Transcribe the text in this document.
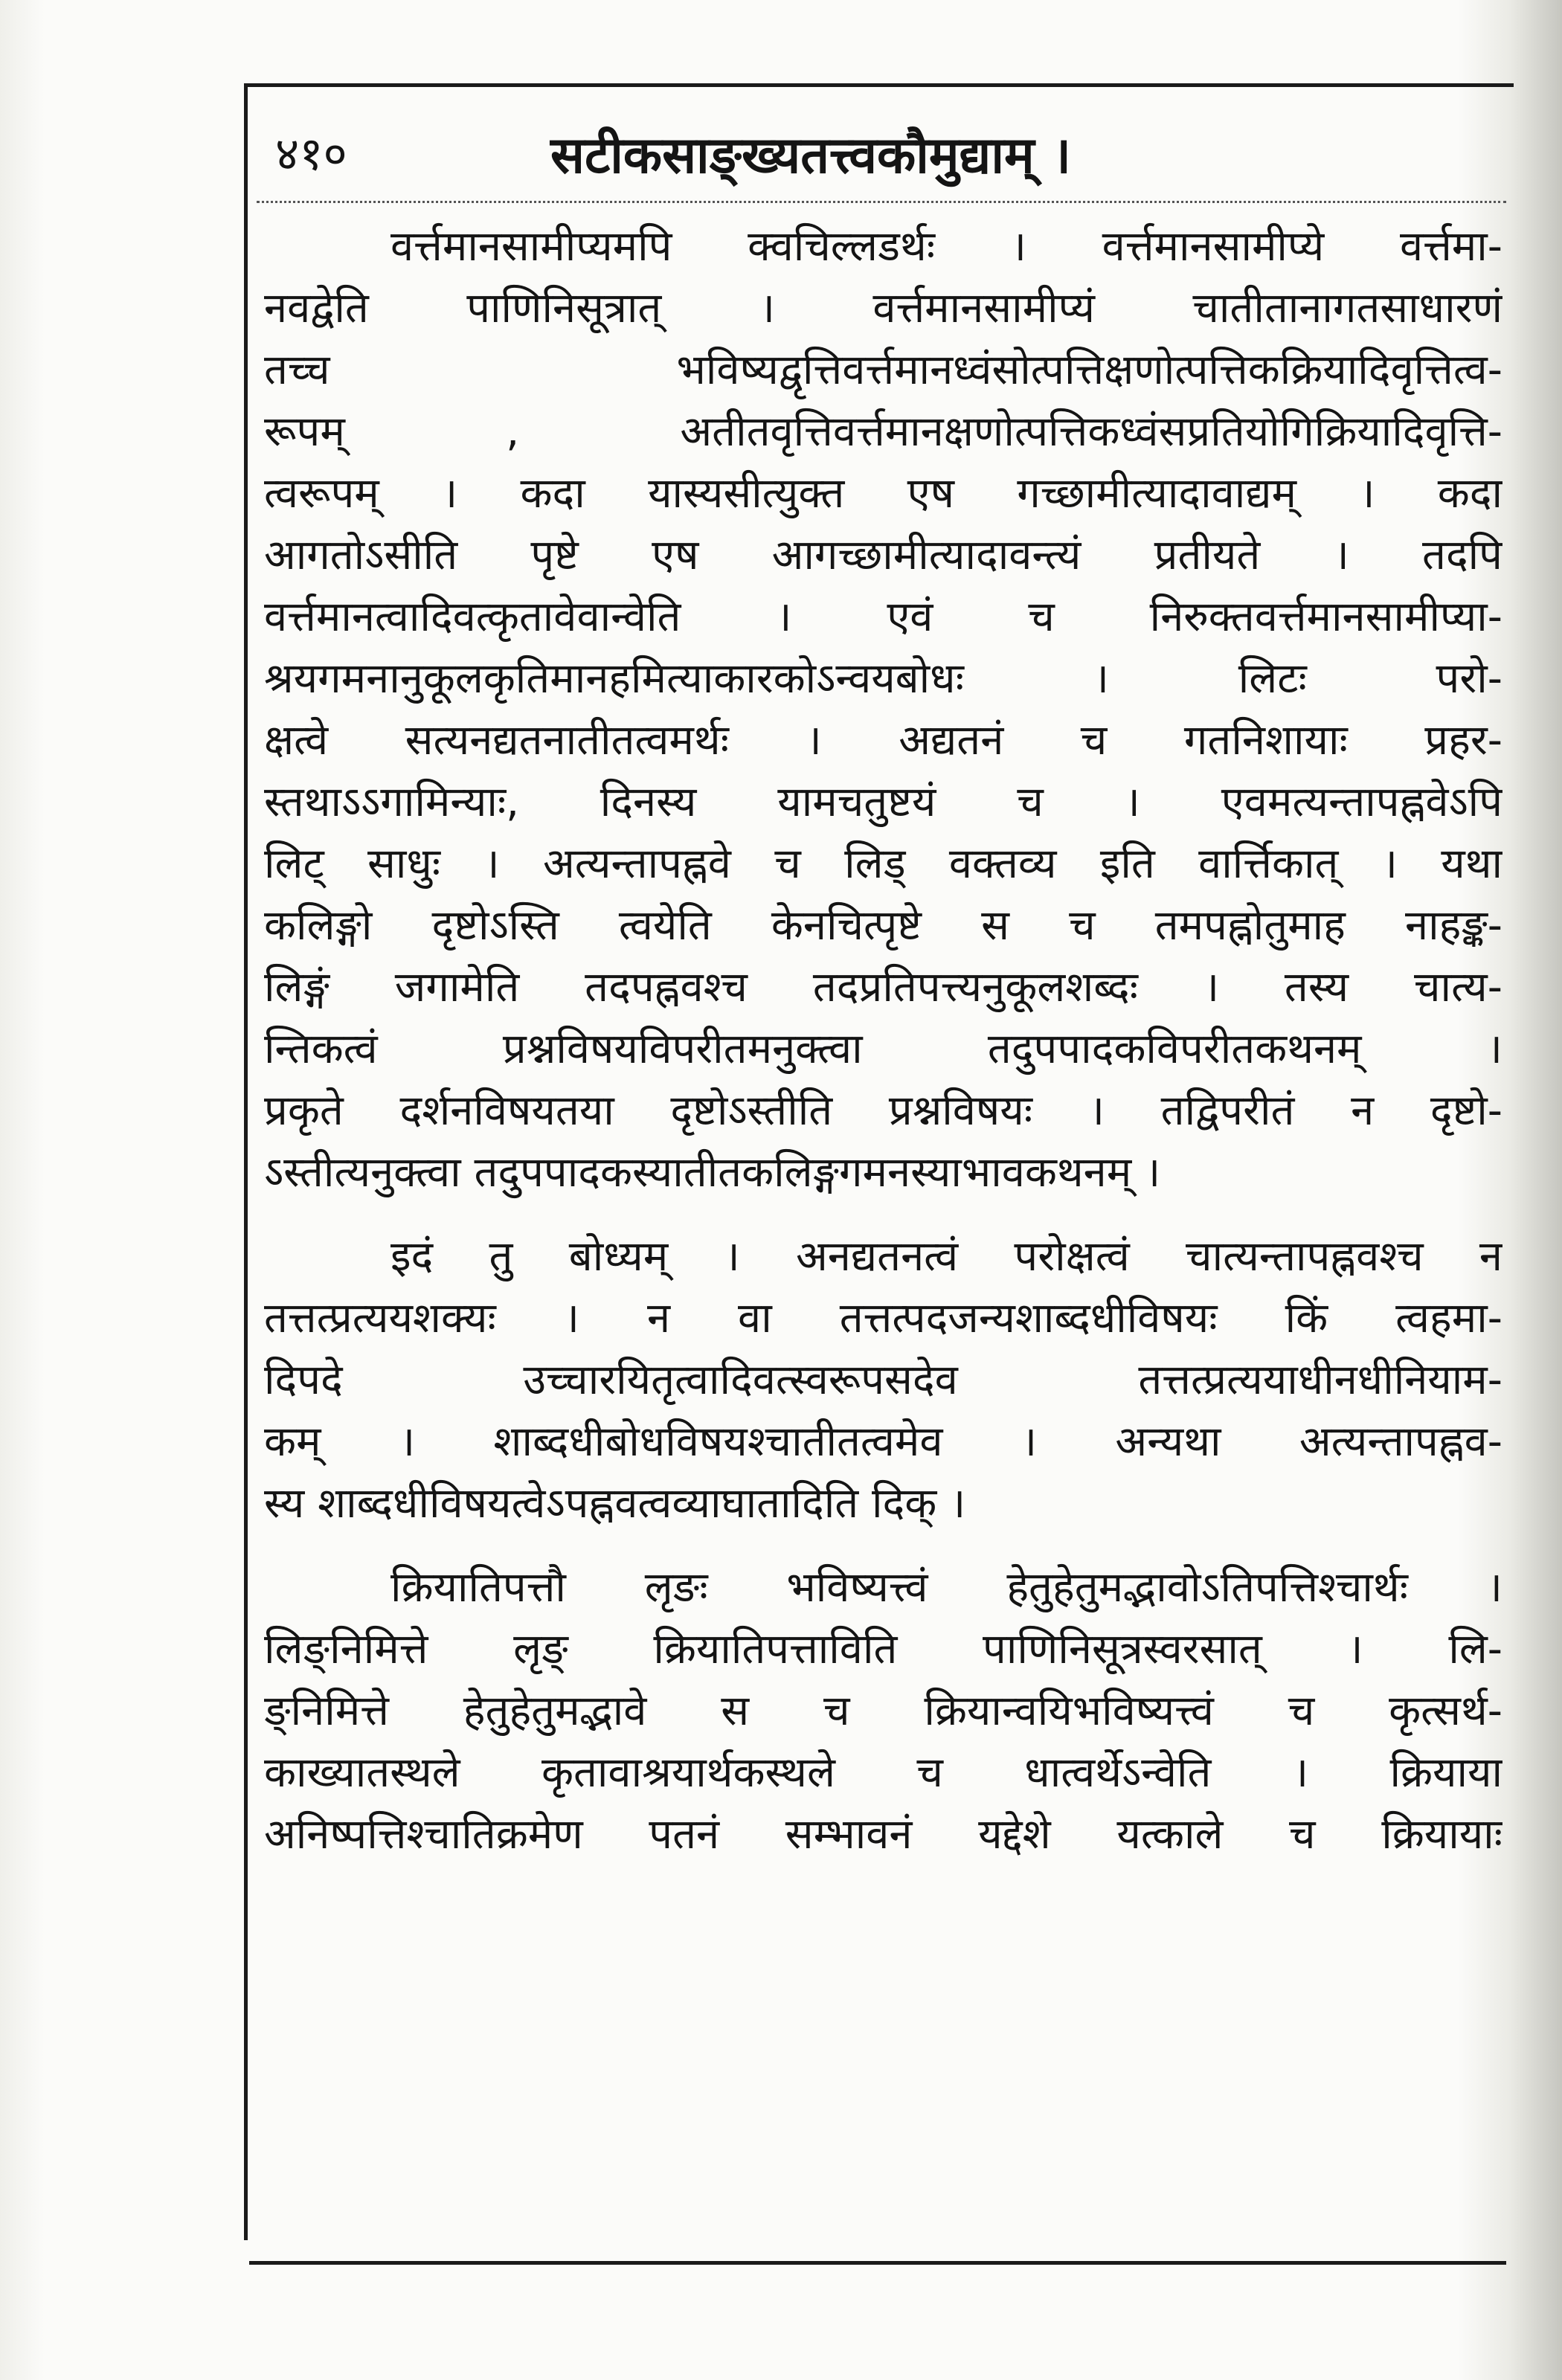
४१०	सटीकसाङ्ख्यतत्त्वकौमुद्याम् ।
वर्त्तमानसामीप्यमपि क्वचिल्लडर्थः । वर्त्तमानसामीप्ये वर्त्तमा-
नवद्वेति पाणिनिसूत्रात् । वर्त्तमानसामीप्यं चातीतानागतसाधारणं
तच्च भविष्यद्वृत्तिवर्त्तमानध्वंसोत्पत्तिक्षणोत्पत्तिकक्रियादिवृत्तित्व-
रूपम् , अतीतवृत्तिवर्त्तमानक्षणोत्पत्तिकध्वंसप्रतियोगिक्रियादिवृत्ति-
त्वरूपम् । कदा यास्यसीत्युक्त एष गच्छामीत्यादावाद्यम् । कदा
आगतोऽसीति पृष्टे एष आगच्छामीत्यादावन्त्यं प्रतीयते । तदपि
वर्त्तमानत्वादिवत्कृतावेवान्वेति । एवं च निरुक्तवर्त्तमानसामीप्या-
श्रयगमनानुकूलकृतिमानहमित्याकारकोऽन्वयबोधः । लिटः परो-
क्षत्वे सत्यनद्यतनातीतत्वमर्थः । अद्यतनं च गतनिशायाः प्रहर-
स्तथाऽऽगामिन्याः, दिनस्य यामचतुष्टयं च । एवमत्यन्तापह्नवेऽपि
लिट् साधुः । अत्यन्तापह्नवे च लिड् वक्तव्य इति वार्त्तिकात् । यथा
कलिङ्गो दृष्टोऽस्ति त्वयेति केनचित्पृष्टे स च तमपह्नोतुमाह नाहङ्क-
लिङ्गं जगामेति तदपह्नवश्च तदप्रतिपत्त्यनुकूलशब्दः । तस्य चात्य-
न्तिकत्वं प्रश्नविषयविपरीतमनुक्त्वा तदुपपादकविपरीतकथनम् ।
प्रकृते दर्शनविषयतया दृष्टोऽस्तीति प्रश्नविषयः । तद्विपरीतं न दृष्टो-
ऽस्तीत्यनुक्त्वा तदुपपादकस्यातीतकलिङ्गगमनस्याभावकथनम् ।
इदं तु बोध्यम् । अनद्यतनत्वं परोक्षत्वं चात्यन्तापह्नवश्च न
तत्तत्प्रत्ययशक्यः । न वा तत्तत्पदजन्यशाब्दधीविषयः किं त्वहमा-
दिपदे उच्चारयितृत्वादिवत्स्वरूपसदेव तत्तत्प्रत्ययाधीनधीनियाम-
कम् । शाब्दधीबोधविषयश्चातीतत्वमेव । अन्यथा अत्यन्तापह्नव-
स्य शाब्दधीविषयत्वेऽपह्नवत्वव्याघातादिति दिक् ।
क्रियातिपत्तौ लृङः भविष्यत्त्वं हेतुहेतुमद्भावोऽतिपत्तिश्चार्थः ।
लिङ्निमित्ते लृङ् क्रियातिपत्ताविति पाणिनिसूत्रस्वरसात् । लि-
ङ्निमित्ते हेतुहेतुमद्भावे स च क्रियान्वयिभविष्यत्त्वं च कृत्सर्थ-
काख्यातस्थले कृतावाश्रयार्थकस्थले च धात्वर्थेऽन्वेति । क्रियाया
अनिष्पत्तिश्चातिक्रमेण पतनं सम्भावनं यद्देशे यत्काले च क्रियायाः
